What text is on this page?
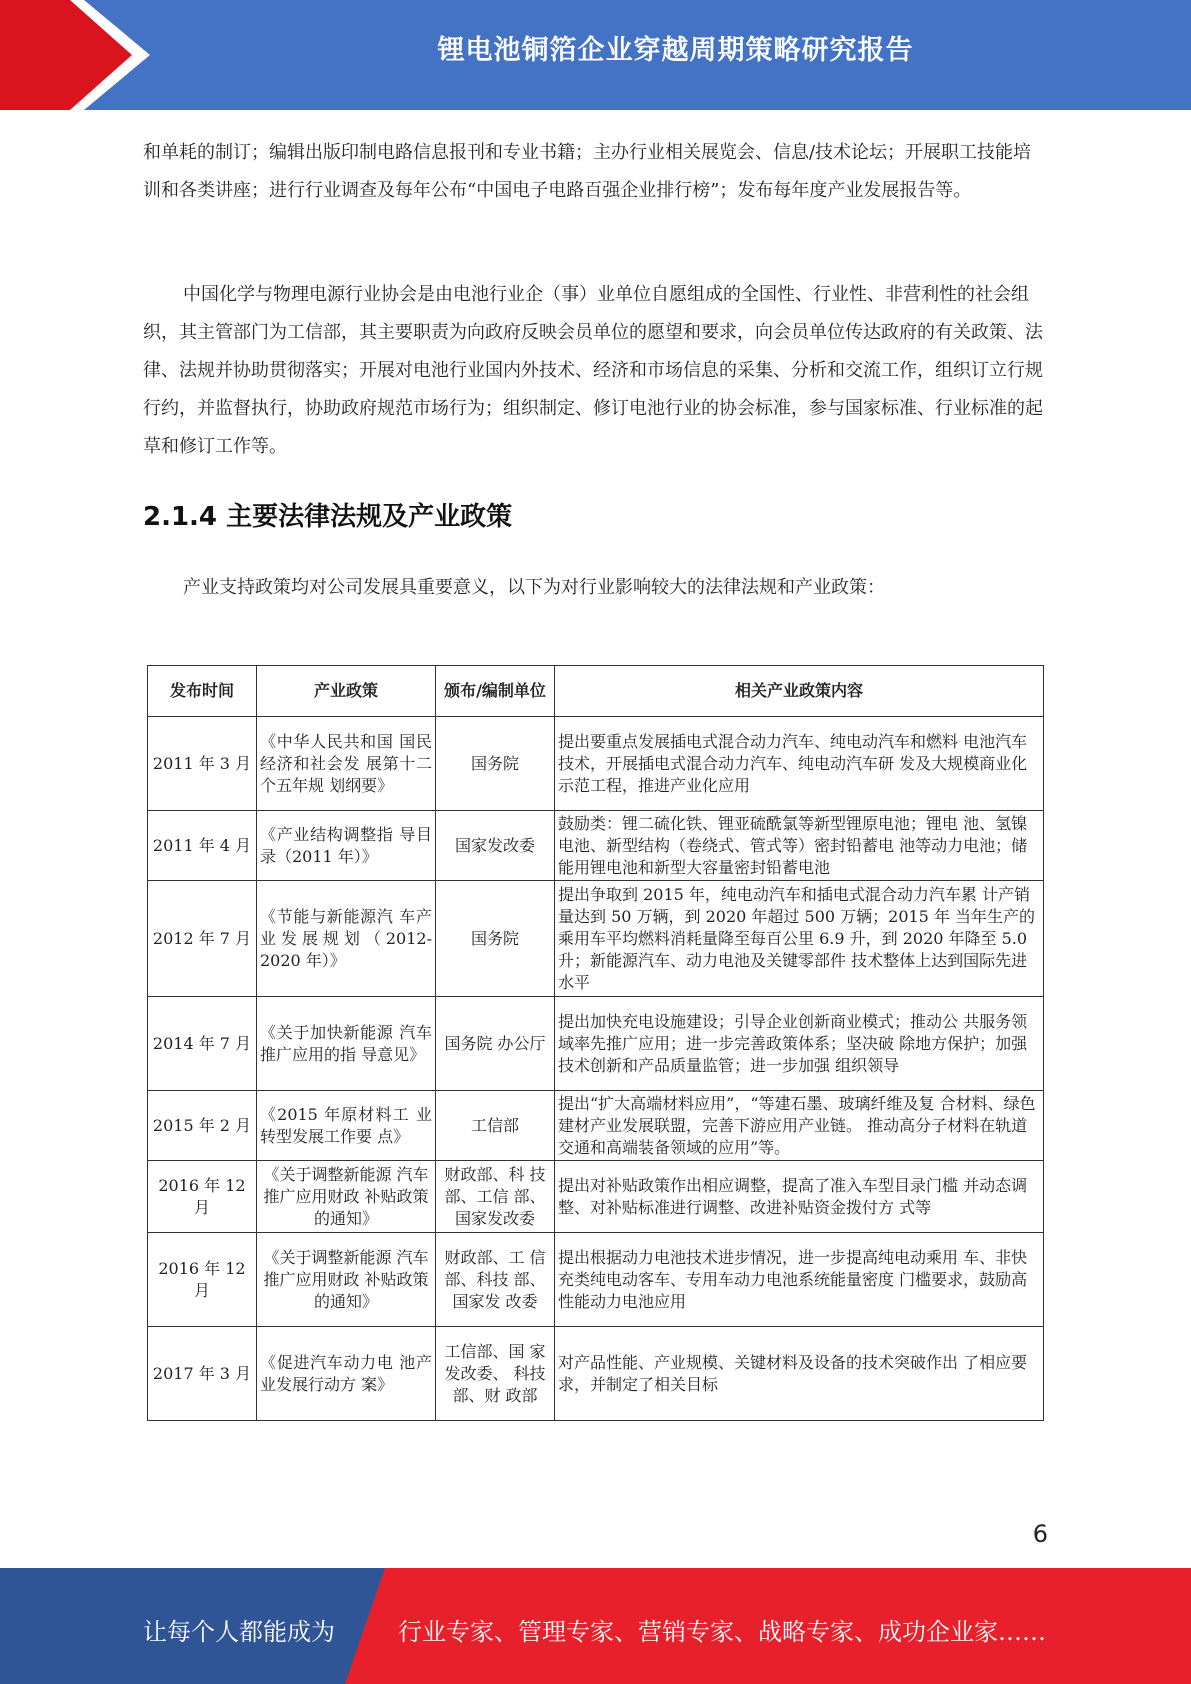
锂电池铜箔企业穿越周期策略研究报告

和单耗的制订；编辑出版印制电路信息报刊和专业书籍；主办行业相关展览会、信息/技术论坛；开展职工技能培训和各类讲座；进行行业调查及每年公布“中国电子电路百强企业排行榜”；发布每年度产业发展报告等。

中国化学与物理电源行业协会是由电池行业企（事）业单位自愿组成的全国性、行业性、非营利性的社会组织，其主管部门为工信部，其主要职责为向政府反映会员单位的愿望和要求，向会员单位传达政府的有关政策、法律、法规并协助贯彻落实；开展对电池行业国内外技术、经济和市场信息的采集、分析和交流工作，组织订立行规行约，并监督执行，协助政府规范市场行为；组织制定、修订电池行业的协会标准，参与国家标准、行业标准的起草和修订工作等。

2.1.4 主要法律法规及产业政策
产业支持政策均对公司发展具重要意义，以下为对行业影响较大的法律法规和产业政策：
发布时间	产业政策	颁布/编制单位	相关产业政策内容
2011 年 3 月	《中华人民共和国 国民经济和社会发 展第十二个五年规 划纲要》	国务院	提出要重点发展插电式混合动力汽车、纯电动汽车和燃料 电池汽车技术，开展插电式混合动力汽车、纯电动汽车研 发及大规模商业化示范工程，推进产业化应用
2011 年 4 月	《产业结构调整指 导目录（2011 年）》	国家发改委	鼓励类：锂二硫化铁、锂亚硫酰氯等新型锂原电池；锂电 池、氢镍电池、新型结构（卷绕式、管式等）密封铅蓄电 池等动力电池；储能用锂电池和新型大容量密封铅蓄电池
2012 年 7 月	《节能与新能源汽 车产业发展规划（2012-2020 年）》	国务院	提出争取到 2015 年，纯电动汽车和插电式混合动力汽车累 计产销量达到 50 万辆，到 2020 年超过 500 万辆；2015 年 当年生产的乘用车平均燃料消耗量降至每百公里 6.9 升，到 2020 年降至 5.0 升；新能源汽车、动力电池及关键零部件 技术整体上达到国际先进水平
2014 年 7 月	《关于加快新能源 汽车推广应用的指 导意见》	国务院 办公厅	提出加快充电设施建设；引导企业创新商业模式；推动公 共服务领域率先推广应用；进一步完善政策体系；坚决破 除地方保护；加强技术创新和产品质量监管；进一步加强 组织领导
2015 年 2 月	《2015 年原材料工 业转型发展工作要 点》	工信部	提出“扩大高端材料应用”，“等建石墨、玻璃纤维及复 合材料、绿色建材产业发展联盟，完善下游应用产业链。 推动高分子材料在轨道交通和高端装备领域的应用”等。
2016 年 12 月	《关于调整新能源 汽车推广应用财政 补贴政策的通知》	财政部、科 技部、工信 部、国家发改委	提出对补贴政策作出相应调整，提高了准入车型目录门槛 并动态调整、对补贴标准进行调整、改进补贴资金拨付方 式等
2016 年 12 月	《关于调整新能源 汽车推广应用财政 补贴政策的通知》	财政部、工 信部、科技 部、国家发 改委	提出根据动力电池技术进步情况，进一步提高纯电动乘用 车、非快充类纯电动客车、专用车动力电池系统能量密度 门槛要求，鼓励高性能动力电池应用
2017 年 3 月	《促进汽车动力电 池产业发展行动方 案》	工信部、国 家发改委、 科技部、财 政部	对产品性能、产业规模、关键材料及设备的技术突破作出 了相应要求，并制定了相关目标
6
让每个人都能成为	行业专家、管理专家、营销专家、战略专家、成功企业家……
